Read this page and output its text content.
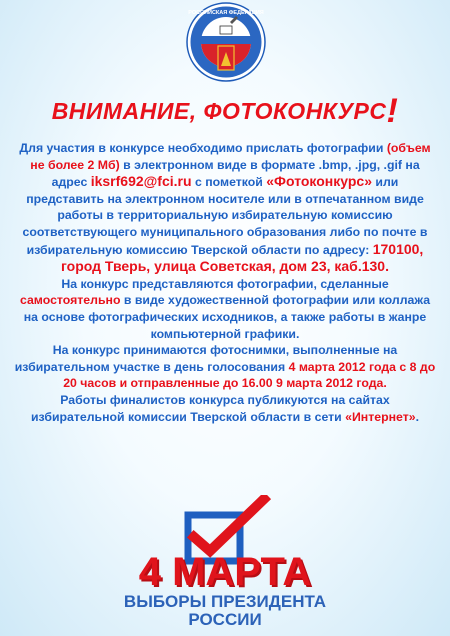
РОССИЙСКАЯ ФЕДЕРАЦИЯ
ВНИМАНИЕ, ФОТОКОНКУРС!

Для участия в конкурсе необходимо прислать фотографии (объем не более 2 Мб) в электронном виде в формате .bmp, .jpg, .gif на адрес iksrf692@fci.ru с пометкой «Фотоконкурс» или представить на электронном носителе или в отпечатанном виде работы в территориальную избирательную комиссию соответствующего муниципального образования либо по почте в избирательную комиссию Тверской области по адресу: 170100, город Тверь, улица Советская, дом 23, каб.130.

На конкурс представляются фотографии, сделанные самостоятельно в виде художественной фотографии или коллажа на основе фотографических исходников, а также работы в жанре компьютерной графики.

На конкурс принимаются фотоснимки, выполненные на избирательном участке в день голосования 4 марта 2012 года с 8 до 20 часов и отправленные до 16.00 9 марта 2012 года.

Работы финалистов конкурса публикуются на сайтах избирательной комиссии Тверской области в сети «Интернет».

4 МАРТА
ВЫБОРЫ ПРЕЗИДЕНТА
РОССИИ
